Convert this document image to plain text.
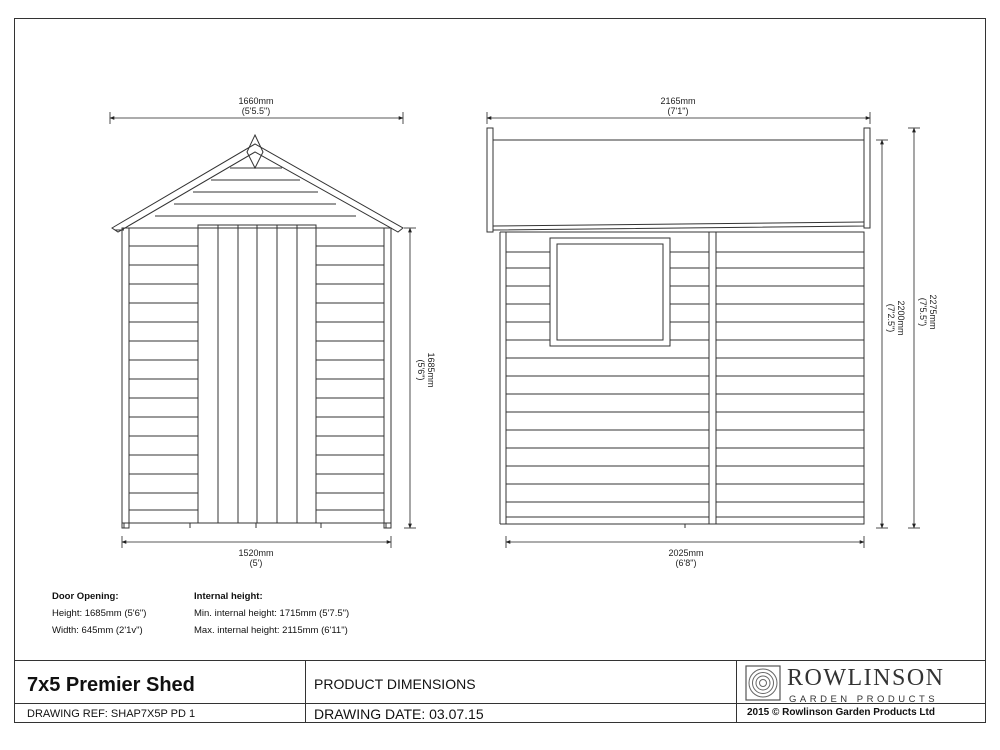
1660mm
(5'5.5")
1520mm
(5')
1685mm
(5'6")
2165mm
(7'1")
2025mm
(6'8")
2200mm
(7'2.5")	2275mm
(7'5.5")
Door Opening:
Height: 1685mm (5'6")
Width: 645mm (2'1v")
Internal height:
Min. internal height: 1715mm (5'7.5")
Max. internal height: 2115mm (6'11")
7x5 Premier Shed
DRAWING REF: SHAP7X5P PD 1
PRODUCT DIMENSIONS
DRAWING DATE: 03.07.15
ROWLINSON
GARDEN PRODUCTS
2015 © Rowlinson Garden Products Ltd
